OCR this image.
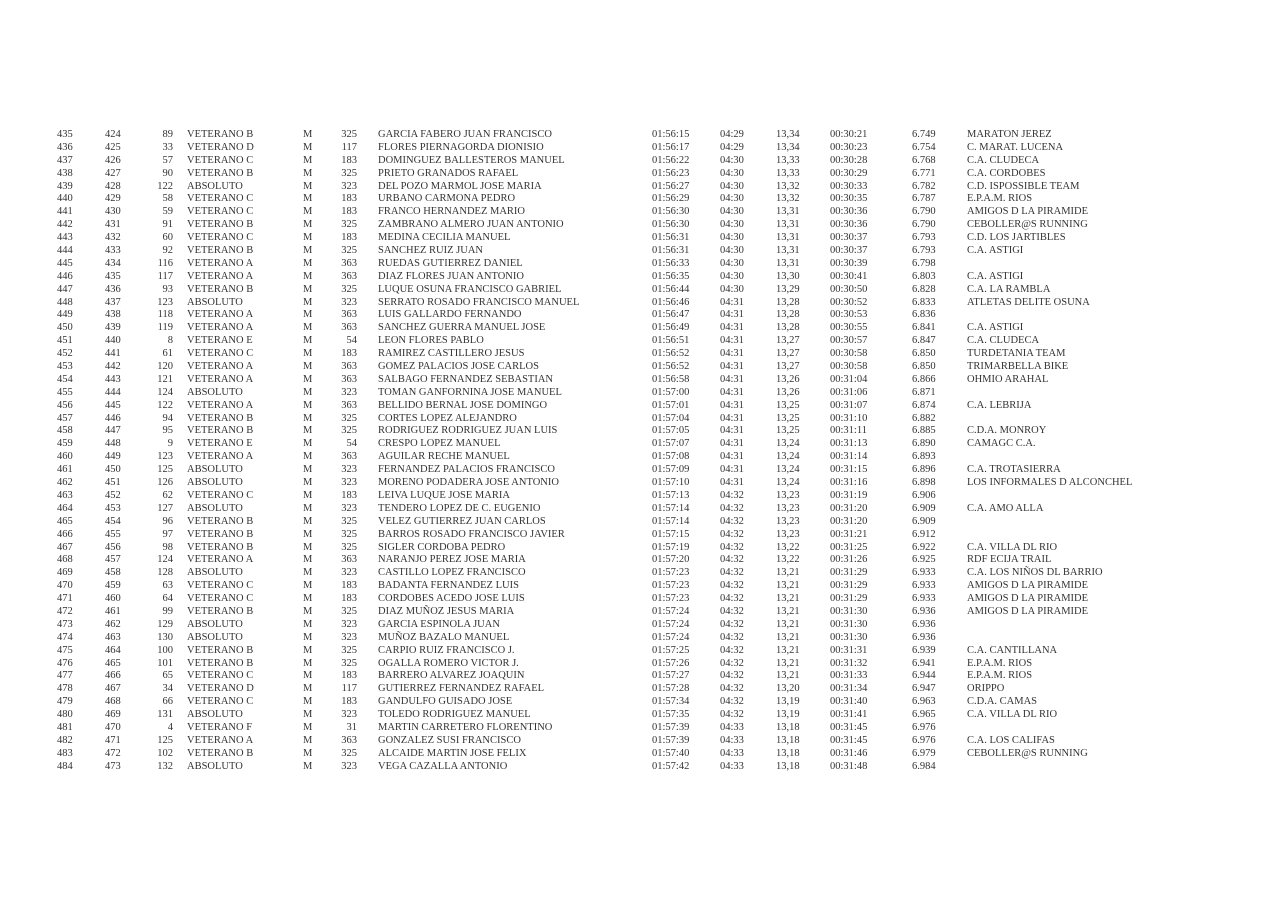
435	424	89 VETERANO B	M	325 GARCIA FABERO JUAN FRANCISCO	01:56:15	04:29	13,34	00:30:21	6.749	MARATON JEREZ
436	425	33 VETERANO D	M	117 FLORES PIERNAGORDA DIONISIO	01:56:17	04:29	13,34	00:30:23	6.754	C. MARAT. LUCENA
437	426	57 VETERANO C	M	183 DOMINGUEZ BALLESTEROS MANUEL	01:56:22	04:30	13,33	00:30:28	6.768	C.A. CLUDECA
438	427	90 VETERANO B	M	325 PRIETO GRANADOS RAFAEL	01:56:23	04:30	13,33	00:30:29	6.771	C.A. CORDOBES
439	428	122 ABSOLUTO	M	323 DEL POZO MARMOL JOSE MARIA	01:56:27	04:30	13,32	00:30:33	6.782	C.D. ISPOSSIBLE TEAM
440	429	58 VETERANO C	M	183 URBANO CARMONA PEDRO	01:56:29	04:30	13,32	00:30:35	6.787	E.P.A.M. RIOS
441	430	59 VETERANO C	M	183 FRANCO HERNANDEZ MARIO	01:56:30	04:30	13,31	00:30:36	6.790	AMIGOS D LA PIRAMIDE
442	431	91 VETERANO B	M	325 ZAMBRANO ALMERO JUAN ANTONIO	01:56:30	04:30	13,31	00:30:36	6.790	CEBOLLER@S RUNNING
443	432	60 VETERANO C	M	183 MEDINA CECILIA MANUEL	01:56:31	04:30	13,31	00:30:37	6.793	C.D. LOS JARTIBLES
444	433	92 VETERANO B	M	325 SANCHEZ RUIZ JUAN	01:56:31	04:30	13,31	00:30:37	6.793	C.A. ASTIGI
445	434	116 VETERANO A	M	363 RUEDAS GUTIERREZ DANIEL	01:56:33	04:30	13,31	00:30:39	6.798
446	435	117 VETERANO A	M	363 DIAZ FLORES JUAN ANTONIO	01:56:35	04:30	13,30	00:30:41	6.803	C.A. ASTIGI
447	436	93 VETERANO B	M	325 LUQUE OSUNA FRANCISCO GABRIEL	01:56:44	04:30	13,29	00:30:50	6.828	C.A. LA RAMBLA
448	437	123 ABSOLUTO	M	323 SERRATO ROSADO FRANCISCO MANUEL	01:56:46	04:31	13,28	00:30:52	6.833	ATLETAS DELITE OSUNA
449	438	118 VETERANO A	M	363 LUIS GALLARDO FERNANDO	01:56:47	04:31	13,28	00:30:53	6.836
450	439	119 VETERANO A	M	363 SANCHEZ GUERRA MANUEL JOSE	01:56:49	04:31	13,28	00:30:55	6.841	C.A. ASTIGI
451	440	8 VETERANO E	M	54 LEON FLORES PABLO	01:56:51	04:31	13,27	00:30:57	6.847	C.A. CLUDECA
452	441	61 VETERANO C	M	183 RAMIREZ CASTILLERO JESUS	01:56:52	04:31	13,27	00:30:58	6.850	TURDETANIA TEAM
453	442	120 VETERANO A	M	363 GOMEZ PALACIOS JOSE CARLOS	01:56:52	04:31	13,27	00:30:58	6.850	TRIMARBELLA BIKE
454	443	121 VETERANO A	M	363 SALBAGO FERNANDEZ SEBASTIAN	01:56:58	04:31	13,26	00:31:04	6.866	OHMIO ARAHAL
455	444	124 ABSOLUTO	M	323 TOMAN GANFORNINA JOSE MANUEL	01:57:00	04:31	13,26	00:31:06	6.871
456	445	122 VETERANO A	M	363 BELLIDO BERNAL JOSE DOMINGO	01:57:01	04:31	13,25	00:31:07	6.874	C.A. LEBRIJA
457	446	94 VETERANO B	M	325 CORTES LOPEZ ALEJANDRO	01:57:04	04:31	13,25	00:31:10	6.882
458	447	95 VETERANO B	M	325 RODRIGUEZ RODRIGUEZ JUAN LUIS	01:57:05	04:31	13,25	00:31:11	6.885	C.D.A. MONROY
459	448	9 VETERANO E	M	54 CRESPO LOPEZ MANUEL	01:57:07	04:31	13,24	00:31:13	6.890	CAMAGC C.A.
460	449	123 VETERANO A	M	363 AGUILAR RECHE MANUEL	01:57:08	04:31	13,24	00:31:14	6.893
461	450	125 ABSOLUTO	M	323 FERNANDEZ PALACIOS FRANCISCO	01:57:09	04:31	13,24	00:31:15	6.896	C.A. TROTASIERRA
462	451	126 ABSOLUTO	M	323 MORENO PODADERA JOSE ANTONIO	01:57:10	04:31	13,24	00:31:16	6.898	LOS INFORMALES D ALCONCHEL
463	452	62 VETERANO C	M	183 LEIVA LUQUE JOSE MARIA	01:57:13	04:32	13,23	00:31:19	6.906
464	453	127 ABSOLUTO	M	323 TENDERO LOPEZ DE C. EUGENIO	01:57:14	04:32	13,23	00:31:20	6.909	C.A. AMO ALLA
465	454	96 VETERANO B	M	325 VELEZ GUTIERREZ JUAN CARLOS	01:57:14	04:32	13,23	00:31:20	6.909
466	455	97 VETERANO B	M	325 BARROS ROSADO FRANCISCO JAVIER	01:57:15	04:32	13,23	00:31:21	6.912
467	456	98 VETERANO B	M	325 SIGLER CORDOBA PEDRO	01:57:19	04:32	13,22	00:31:25	6.922	C.A. VILLA DL RIO
468	457	124 VETERANO A	M	363 NARANJO PEREZ JOSE MARIA	01:57:20	04:32	13,22	00:31:26	6.925	RDF ECIJA TRAIL
469	458	128 ABSOLUTO	M	323 CASTILLO LOPEZ FRANCISCO	01:57:23	04:32	13,21	00:31:29	6.933	C.A. LOS NIÑOS DL BARRIO
470	459	63 VETERANO C	M	183 BADANTA FERNANDEZ LUIS	01:57:23	04:32	13,21	00:31:29	6.933	AMIGOS D LA PIRAMIDE
471	460	64 VETERANO C	M	183 CORDOBES ACEDO JOSE LUIS	01:57:23	04:32	13,21	00:31:29	6.933	AMIGOS D LA PIRAMIDE
472	461	99 VETERANO B	M	325 DIAZ MUÑOZ JESUS MARIA	01:57:24	04:32	13,21	00:31:30	6.936	AMIGOS D LA PIRAMIDE
473	462	129 ABSOLUTO	M	323 GARCIA ESPINOLA JUAN	01:57:24	04:32	13,21	00:31:30	6.936
474	463	130 ABSOLUTO	M	323 MUÑOZ BAZALO MANUEL	01:57:24	04:32	13,21	00:31:30	6.936
475	464	100 VETERANO B	M	325 CARPIO RUIZ FRANCISCO J.	01:57:25	04:32	13,21	00:31:31	6.939	C.A. CANTILLANA
476	465	101 VETERANO B	M	325 OGALLA ROMERO VICTOR J.	01:57:26	04:32	13,21	00:31:32	6.941	E.P.A.M. RIOS
477	466	65 VETERANO C	M	183 BARRERO ALVAREZ JOAQUIN	01:57:27	04:32	13,21	00:31:33	6.944	E.P.A.M. RIOS
478	467	34 VETERANO D	M	117 GUTIERREZ FERNANDEZ RAFAEL	01:57:28	04:32	13,20	00:31:34	6.947	ORIPPO
479	468	66 VETERANO C	M	183 GANDULFO GUISADO JOSE	01:57:34	04:32	13,19	00:31:40	6.963	C.D.A. CAMAS
480	469	131 ABSOLUTO	M	323 TOLEDO RODRIGUEZ MANUEL	01:57:35	04:32	13,19	00:31:41	6.965	C.A. VILLA DL RIO
481	470	4 VETERANO F	M	31 MARTIN CARRETERO FLORENTINO	01:57:39	04:33	13,18	00:31:45	6.976
482	471	125 VETERANO A	M	363 GONZALEZ SUSI FRANCISCO	01:57:39	04:33	13,18	00:31:45	6.976	C.A. LOS CALIFAS
483	472	102 VETERANO B	M	325 ALCAIDE MARTIN JOSE FELIX	01:57:40	04:33	13,18	00:31:46	6.979	CEBOLLER@S RUNNING
484	473	132 ABSOLUTO	M	323 VEGA CAZALLA ANTONIO	01:57:42	04:33	13,18	00:31:48	6.984
